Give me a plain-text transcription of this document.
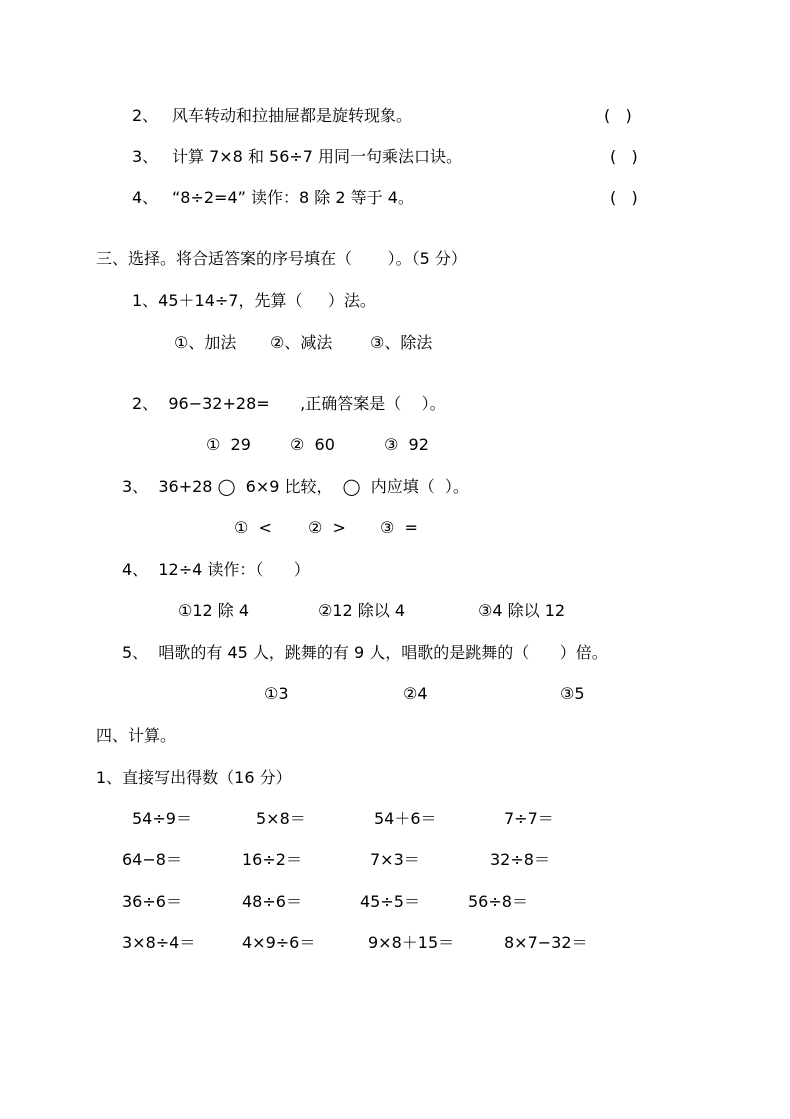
2、 风车转动和拉抽屉都是旋转现象。	(   )
3、 计算 7×8 和 56÷7 用同一句乘法口诀。	(   )
4、 “8÷2=4” 读作：8 除 2 等于 4。	(   )
三、选择。将合适答案的序号填在（       ）。（5 分）
1、45＋14÷7，先算（     ）法。
①、加法 ②、减法 ③、除法
2、  96−32+28=      ,正确答案是（    ）。
①  29 ②  60	③  92
3、  36+28 ◯  6×9 比较，  ◯  内应填（  ）。
①  < ②  > ③  =
4、  12÷4 读作：（      ）
①12 除 4	②12 除以 4	③4 除以 12
5、  唱歌的有 45 人，跳舞的有 9 人，唱歌的是跳舞的（      ）倍。
①3	②4	③5
四、计算。
1、直接写出得数（16 分）
54÷9＝	5×8＝	54＋6＝	7÷7＝
64−8＝	16÷2＝	7×3＝	32÷8＝
36÷6＝	48÷6＝	45÷5＝	56÷8＝
3×8÷4＝	4×9÷6＝	9×8＋15＝	8×7−32＝
